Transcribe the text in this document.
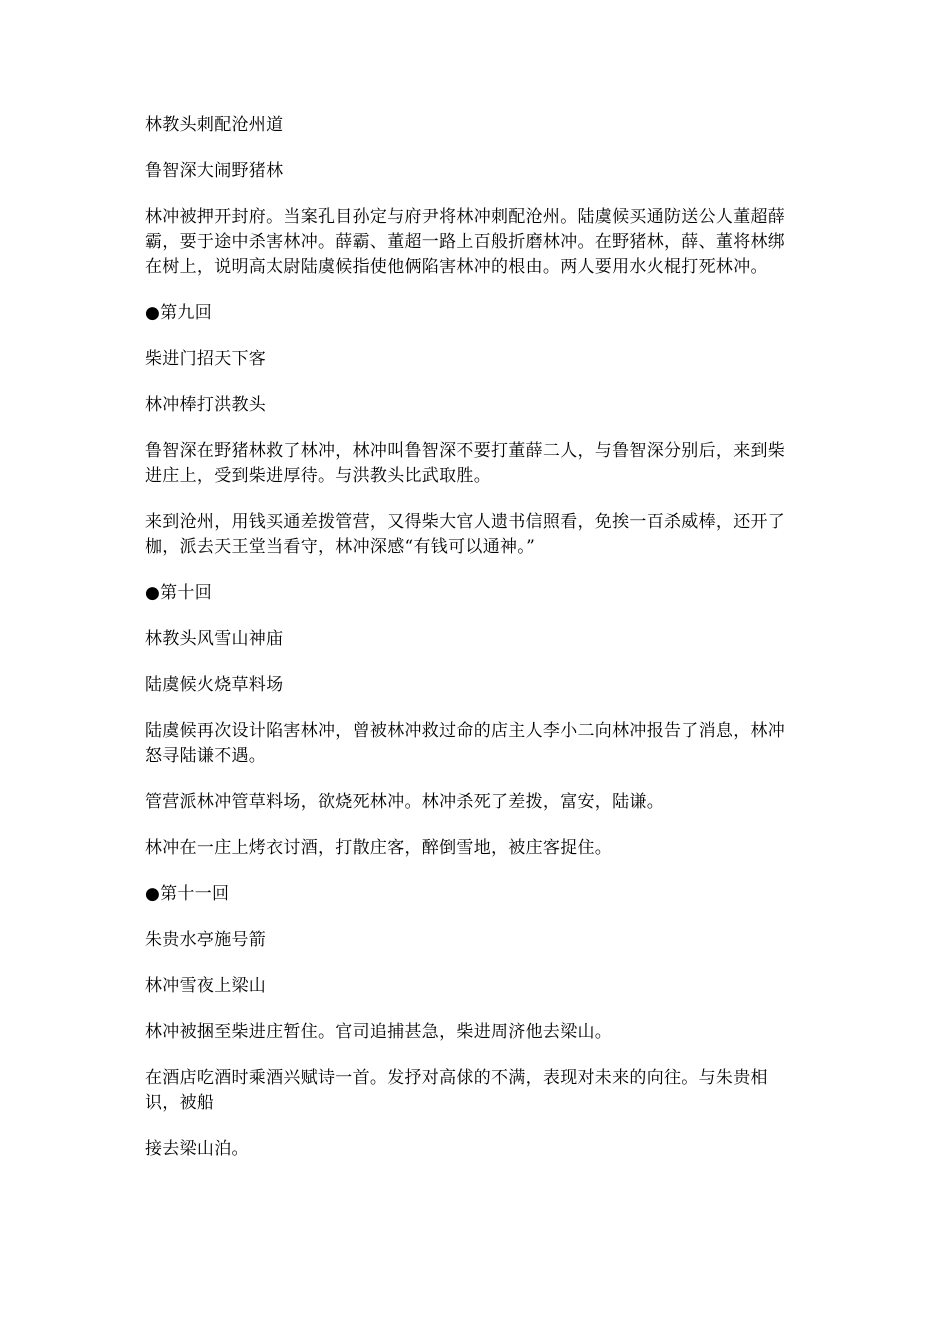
林教头刺配沧州道

鲁智深大闹野猪林

林冲被押开封府。当案孔目孙定与府尹将林冲刺配沧州。陆虞候买通防送公人董超薛霸，要于途中杀害林冲。薛霸、董超一路上百般折磨林冲。在野猪林，薛、董将林绑在树上，说明高太尉陆虞候指使他俩陷害林冲的根由。两人要用水火棍打死林冲。

●第九回

柴进门招天下客

林冲棒打洪教头

鲁智深在野猪林救了林冲，林冲叫鲁智深不要打董薛二人，与鲁智深分别后，来到柴进庄上，受到柴进厚待。与洪教头比武取胜。

来到沧州，用钱买通差拨管营，又得柴大官人遗书信照看，免挨一百杀威棒，还开了枷，派去天王堂当看守，林冲深感“有钱可以通神。”

●第十回

林教头风雪山神庙

陆虞候火烧草料场

陆虞候再次设计陷害林冲，曾被林冲救过命的店主人李小二向林冲报告了消息，林冲怒寻陆谦不遇。

管营派林冲管草料场，欲烧死林冲。林冲杀死了差拨，富安，陆谦。

林冲在一庄上烤衣讨酒，打散庄客，醉倒雪地，被庄客捉住。

●第十一回

朱贵水亭施号箭

林冲雪夜上梁山

林冲被捆至柴进庄暂住。官司追捕甚急，柴进周济他去梁山。

在酒店吃酒时乘酒兴赋诗一首。发抒对高俅的不满，表现对未来的向往。与朱贵相识，被船

接去梁山泊。
